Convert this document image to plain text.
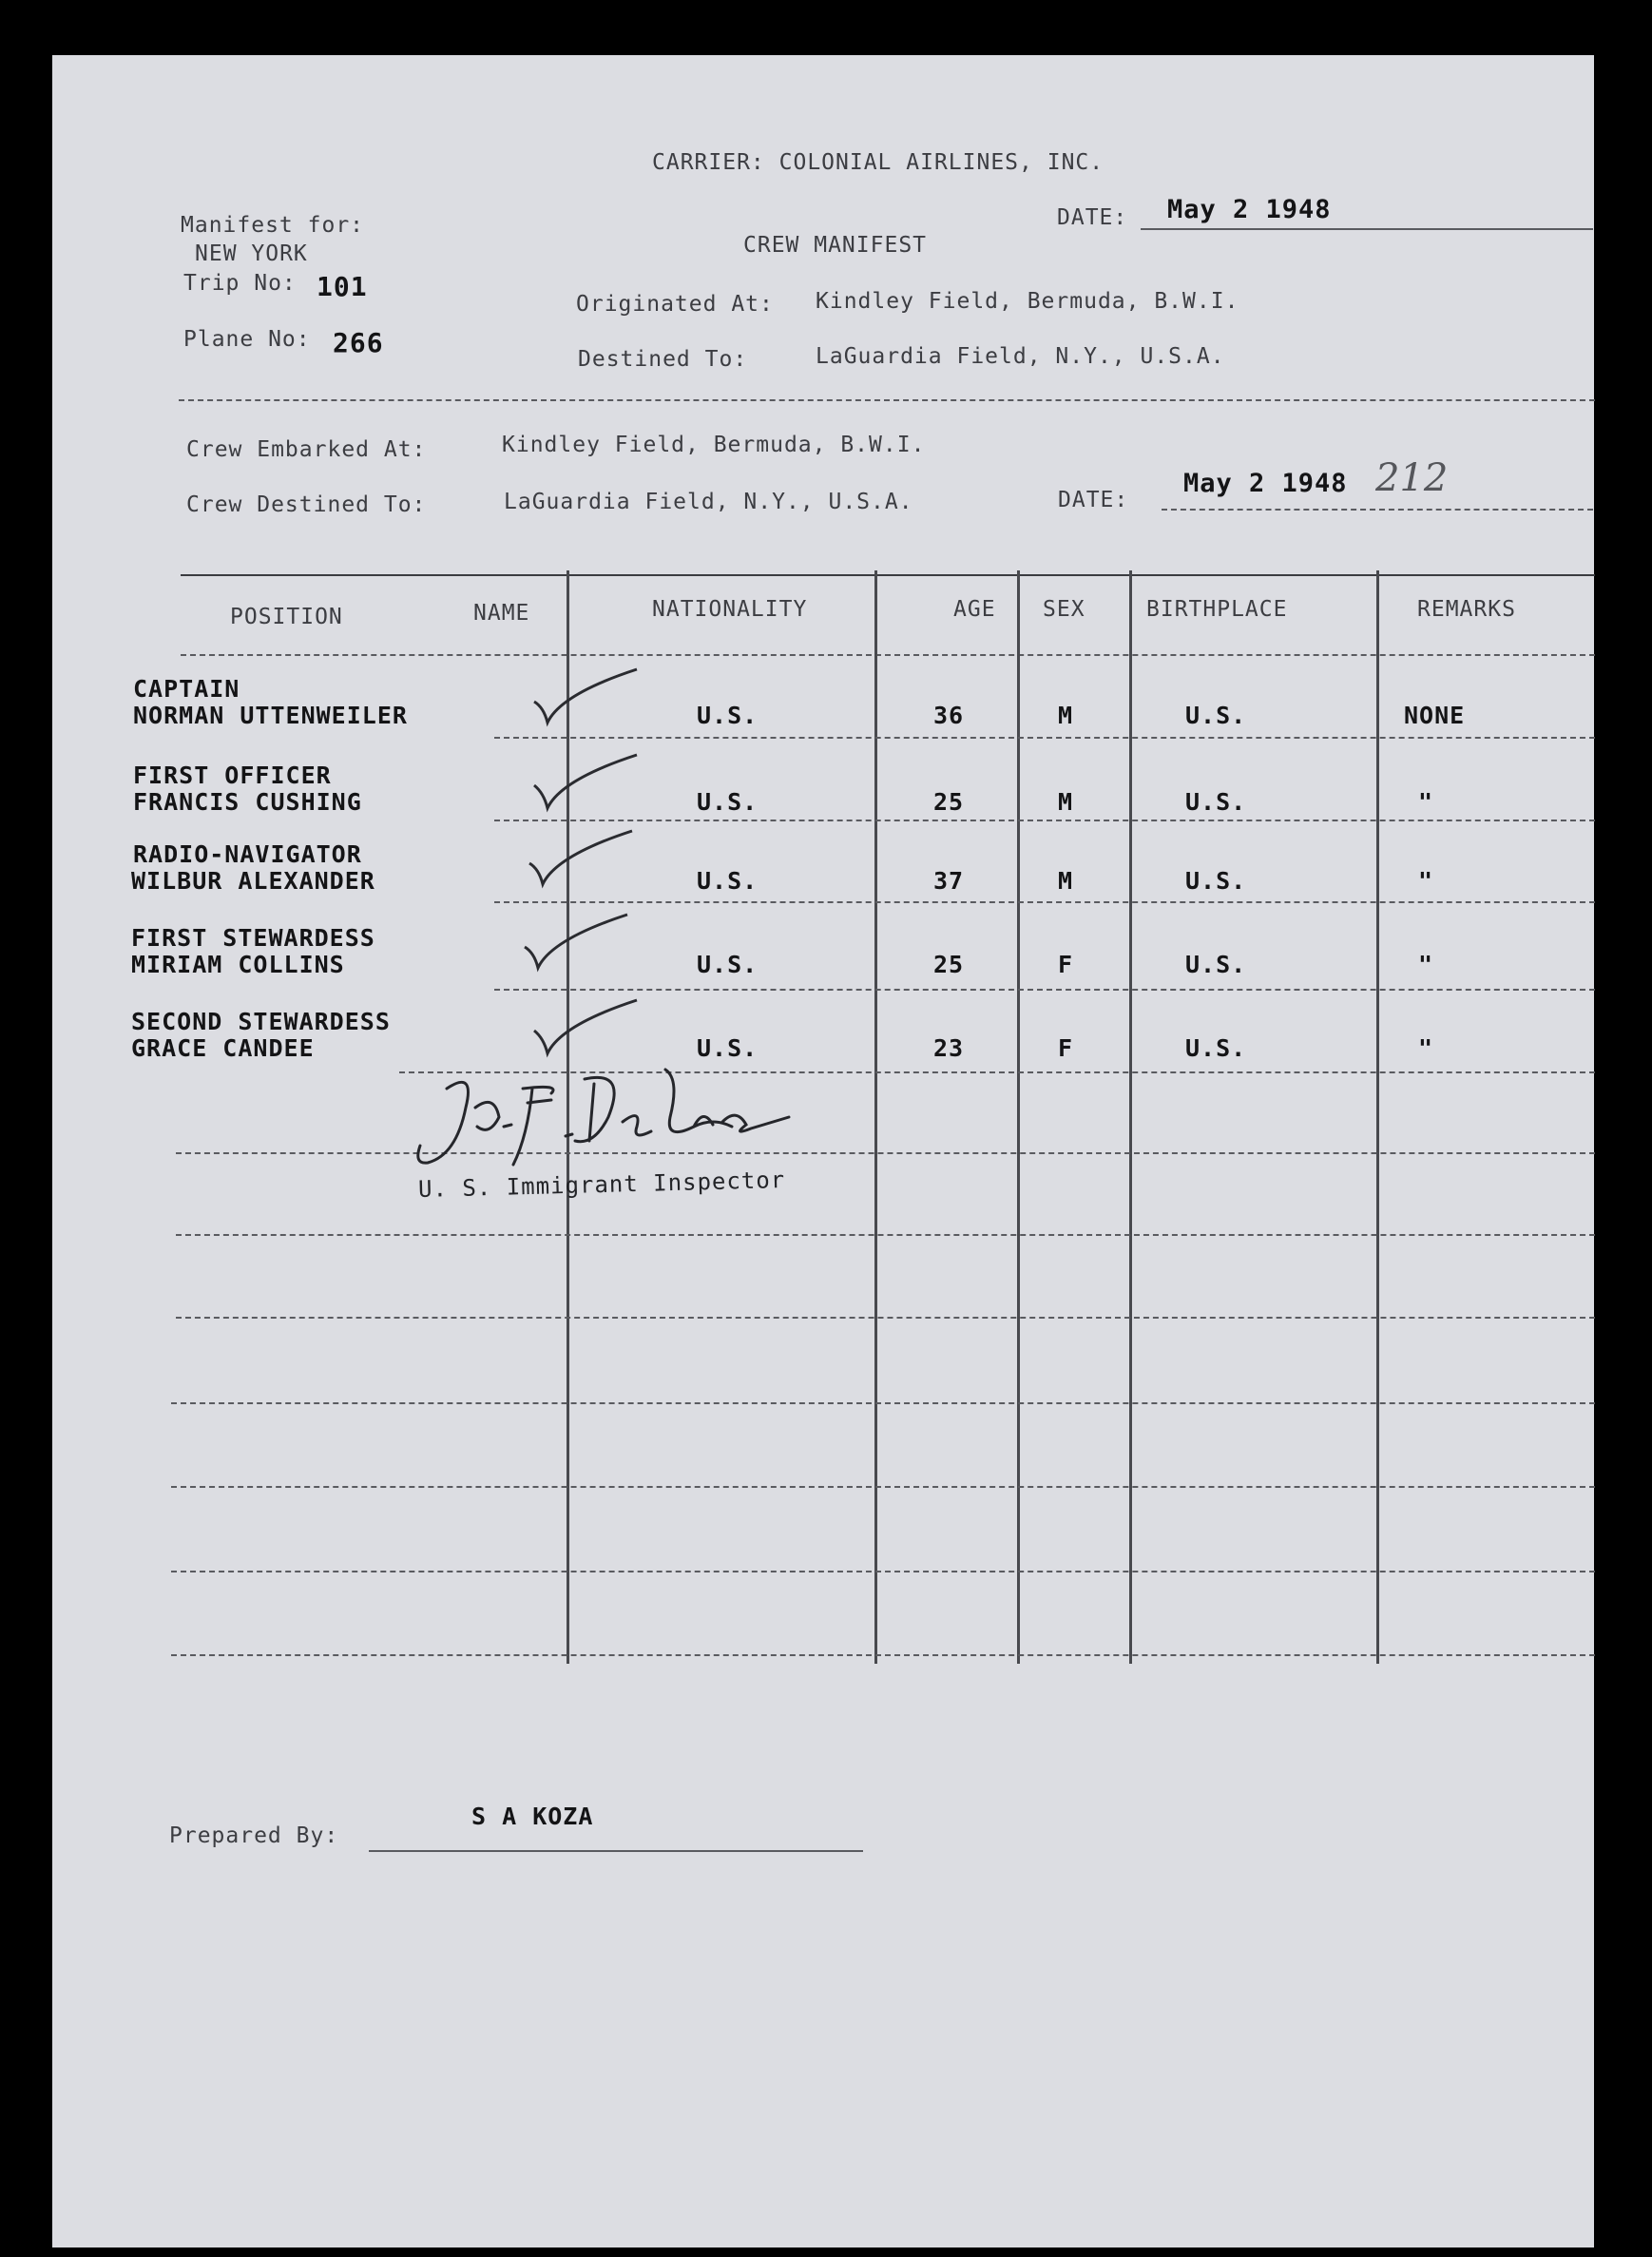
CARRIER: COLONIAL AIRLINES, INC.
DATE: May 2 1948
Manifest for:
NEW YORK
Trip No: 101
Plane No: 266
CREW MANIFEST
Originated At: Kindley Field, Bermuda, B.W.I.
Destined To:	LaGuardia Field, N.Y., U.S.A.
Crew Embarked At:	Kindley Field, Bermuda, B.W.I.
Crew Destined To:	LaGuardia Field, N.Y., U.S.A.	DATE:
May 2 1948 212
POSITION	NAME	NATIONALITY	AGE SEX	BIRTHPLACE	REMARKS
CAPTAIN
NORMAN UTTENWEILER	U.S.	36	M	U.S.	NONE
FIRST OFFICER
FRANCIS CUSHING	U.S.	25	M	U.S.	"
RADIO-NAVIGATOR
WILBUR ALEXANDER	U.S.	37	M	U.S.	"
FIRST STEWARDESS
MIRIAM COLLINS	U.S.	25	F	U.S.	"
SECOND STEWARDESS
GRACE CANDEE	U.S.	23	F	U.S.	"
U. S. Immigrant Inspector
Prepared By:
S A KOZA
